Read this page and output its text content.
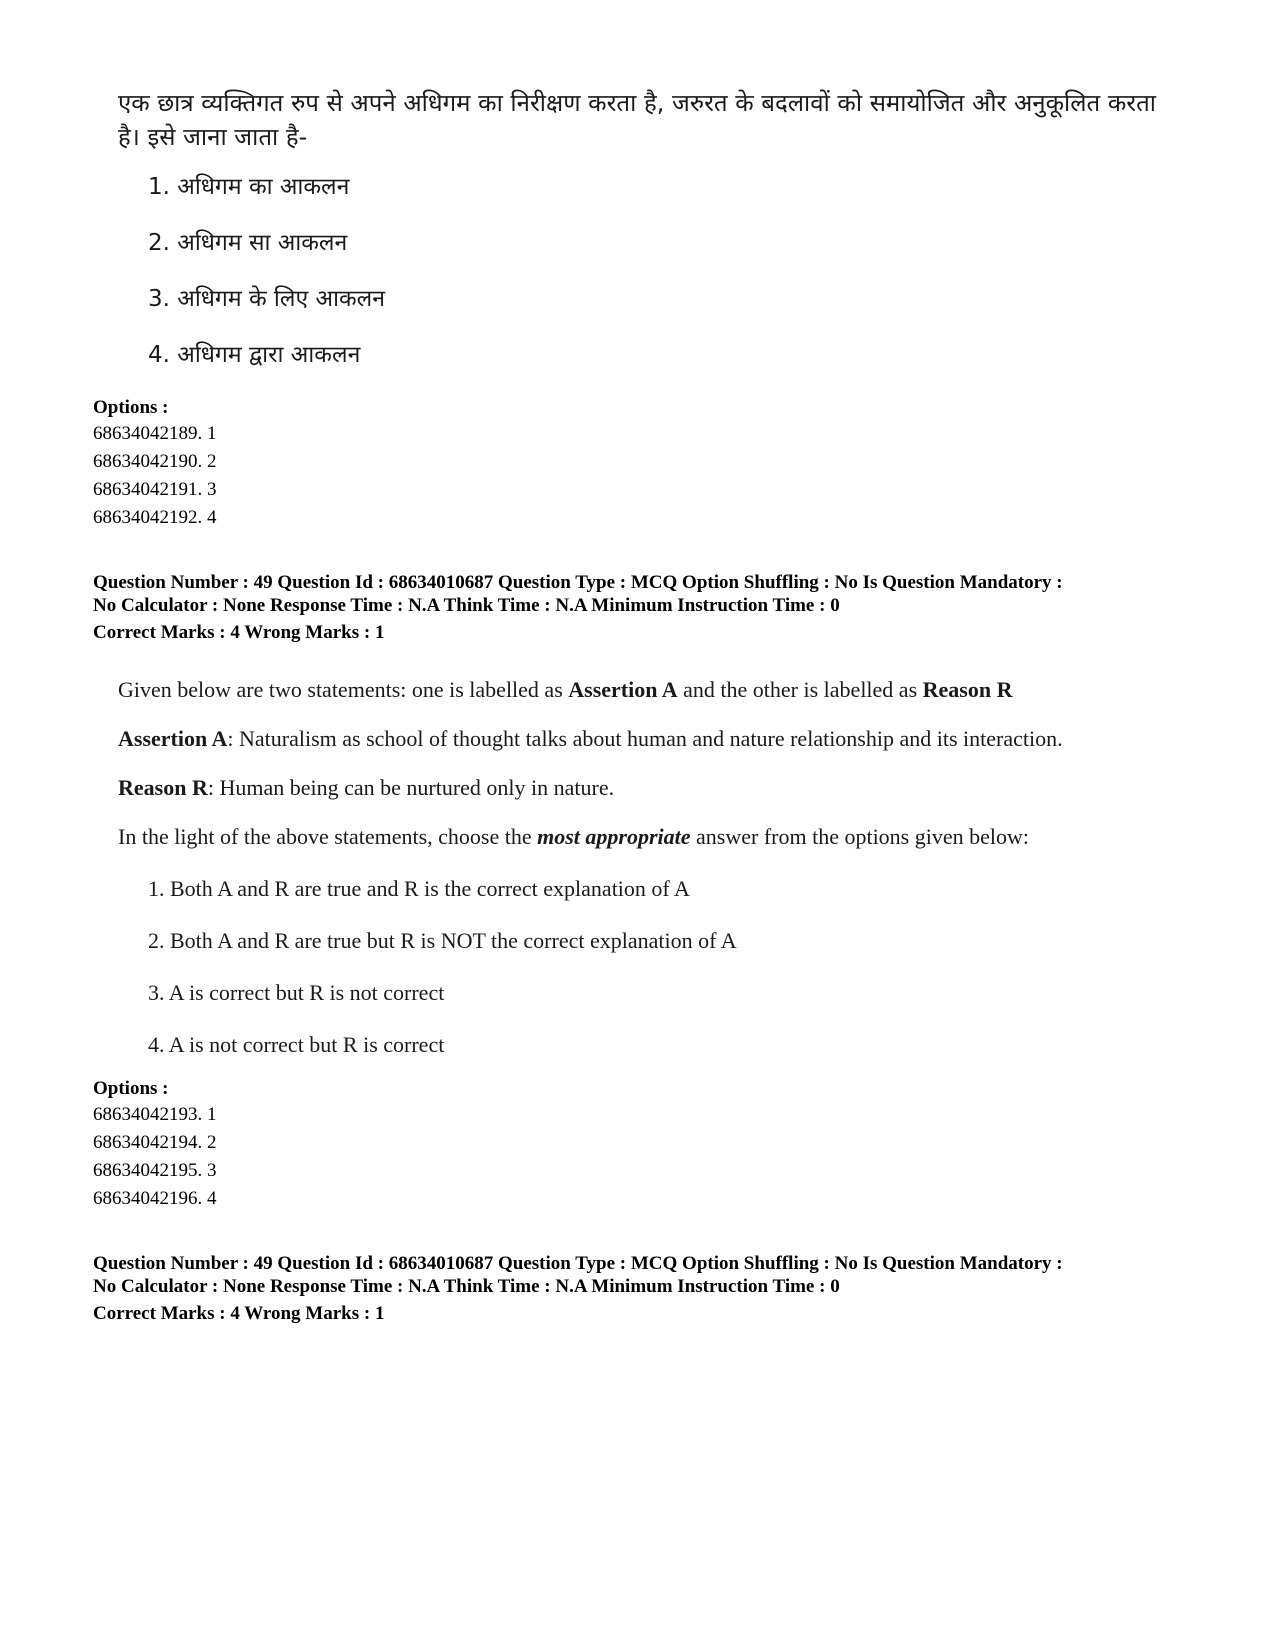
एक छात्र व्यक्तिगत रुप से अपने अधिगम का निरीक्षण करता है, जरुरत के बदलावों को समायोजित और अनुकूलित करता है। इसे जाना जाता है-

1. अधिगम का आकलन
2. अधिगम सा आकलन
3. अधिगम के लिए आकलन
4. अधिगम द्वारा आकलन
Options :
68634042189. 1
68634042190. 2
68634042191. 3
68634042192. 4
Question Number : 49 Question Id : 68634010687 Question Type : MCQ Option Shuffling : No Is Question Mandatory :
No Calculator : None Response Time : N.A Think Time : N.A Minimum Instruction Time : 0
Correct Marks : 4 Wrong Marks : 1
Given below are two statements: one is labelled as Assertion A and the other is labelled as Reason R
Assertion A: Naturalism as school of thought talks about human and nature relationship and its interaction.
Reason R: Human being can be nurtured only in nature.
In the light of the above statements, choose the most appropriate answer from the options given below:
1. Both A and R are true and R is the correct explanation of A
2. Both A and R are true but R is NOT the correct explanation of A
3. A is correct but R is not correct
4. A is not correct but R is correct
Options :
68634042193. 1
68634042194. 2
68634042195. 3
68634042196. 4
Question Number : 49 Question Id : 68634010687 Question Type : MCQ Option Shuffling : No Is Question Mandatory :
No Calculator : None Response Time : N.A Think Time : N.A Minimum Instruction Time : 0
Correct Marks : 4 Wrong Marks : 1
